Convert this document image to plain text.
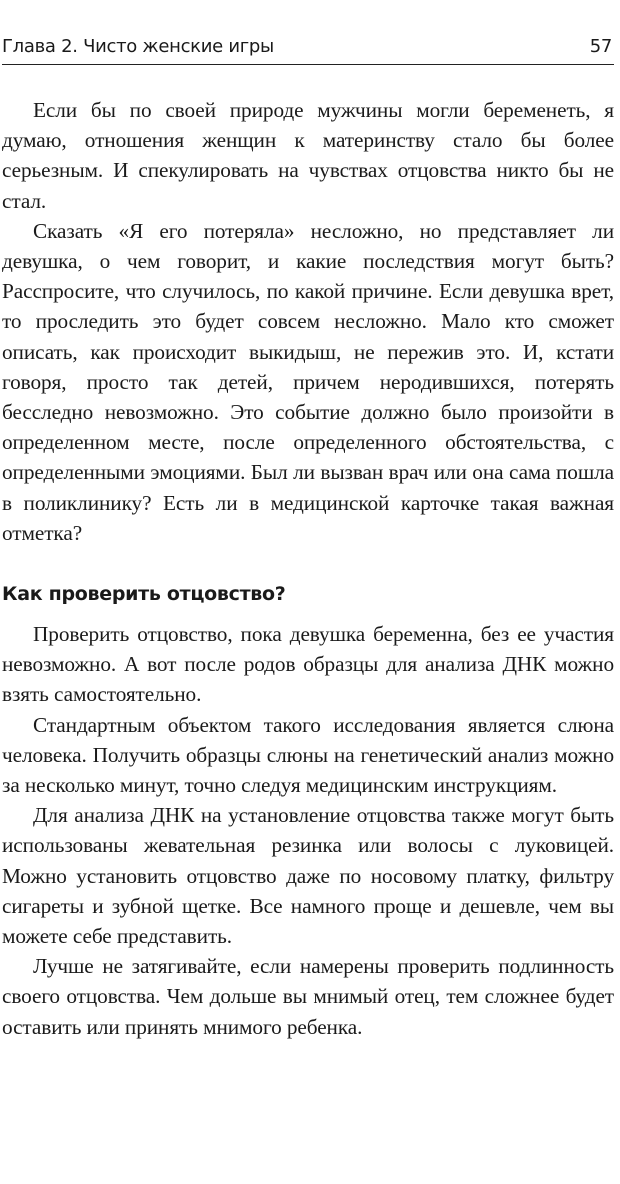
Глава 2. Чисто женские игры	57

Если бы по своей природе мужчины могли беременеть, я думаю, отношения женщин к материнству стало бы более серьезным. И спекулировать на чувствах отцовства никто бы не стал.

Сказать «Я его потеряла» несложно, но представляет ли девушка, о чем говорит, и какие последствия могут быть? Расспросите, что случилось, по какой причине. Если девушка врет, то проследить это будет совсем несложно. Мало кто сможет описать, как происходит выкидыш, не пережив это. И, кстати говоря, просто так детей, причем неродившихся, потерять бесследно невозможно. Это событие должно было произойти в определенном месте, после определенного обстоятельства, с определенными эмоциями. Был ли вызван врач или она сама пошла в поликлинику? Есть ли в медицинской карточке такая важная отметка?

Как проверить отцовство?

Проверить отцовство, пока девушка беременна, без ее участия невозможно. А вот после родов образцы для анализа ДНК можно взять самостоятельно.

Стандартным объектом такого исследования является слюна человека. Получить образцы слюны на генетический анализ можно за несколько минут, точно следуя медицинским инструкциям.

Для анализа ДНК на установление отцовства также могут быть использованы жевательная резинка или волосы с луковицей. Можно установить отцовство даже по носовому платку, фильтру сигареты и зубной щетке. Все намного проще и дешевле, чем вы можете себе представить.

Лучше не затягивайте, если намерены проверить подлинность своего отцовства. Чем дольше вы мнимый отец, тем сложнее будет оставить или принять мнимого ребенка.
